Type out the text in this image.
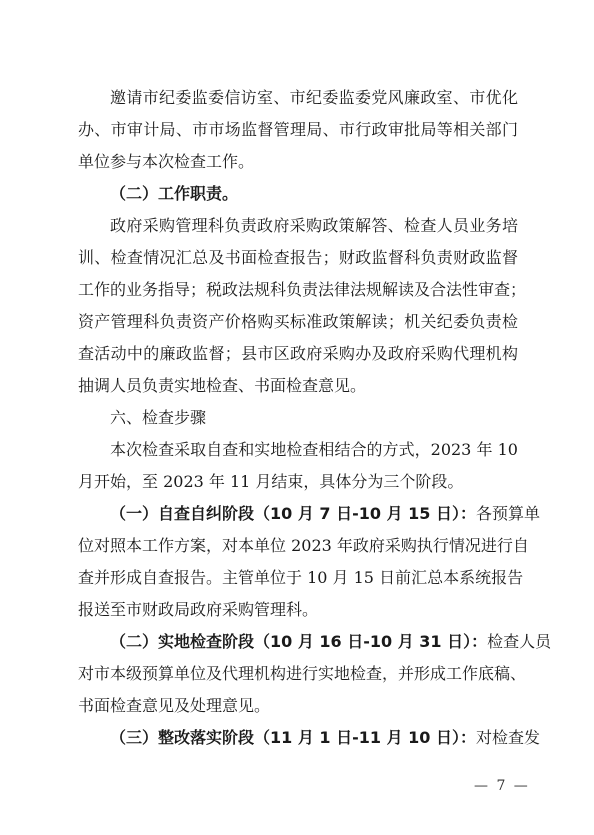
邀请市纪委监委信访室、市纪委监委党风廉政室、市优化
办、市审计局、市市场监督管理局、市行政审批局等相关部门
单位参与本次检查工作。
（二）工作职责。
政府采购管理科负责政府采购政策解答、检查人员业务培
训、检查情况汇总及书面检查报告；财政监督科负责财政监督
工作的业务指导；税政法规科负责法律法规解读及合法性审查；
资产管理科负责资产价格购买标准政策解读；机关纪委负责检
查活动中的廉政监督；县市区政府采购办及政府采购代理机构
抽调人员负责实地检查、书面检查意见。
六、检查步骤
本次检查采取自查和实地检查相结合的方式，2023 年 10
月开始，至 2023 年 11 月结束，具体分为三个阶段。
（一）自查自纠阶段（10 月 7 日-10 月 15 日）：各预算单
位对照本工作方案，对本单位 2023 年政府采购执行情况进行自
查并形成自查报告。主管单位于 10 月 15 日前汇总本系统报告
报送至市财政局政府采购管理科。
（二）实地检查阶段（10 月 16 日-10 月 31 日）：检查人员
对市本级预算单位及代理机构进行实地检查，并形成工作底稿、
书面检查意见及处理意见。
（三）整改落实阶段（11 月 1 日-11 月 10 日）：对检查发
— 7 —
